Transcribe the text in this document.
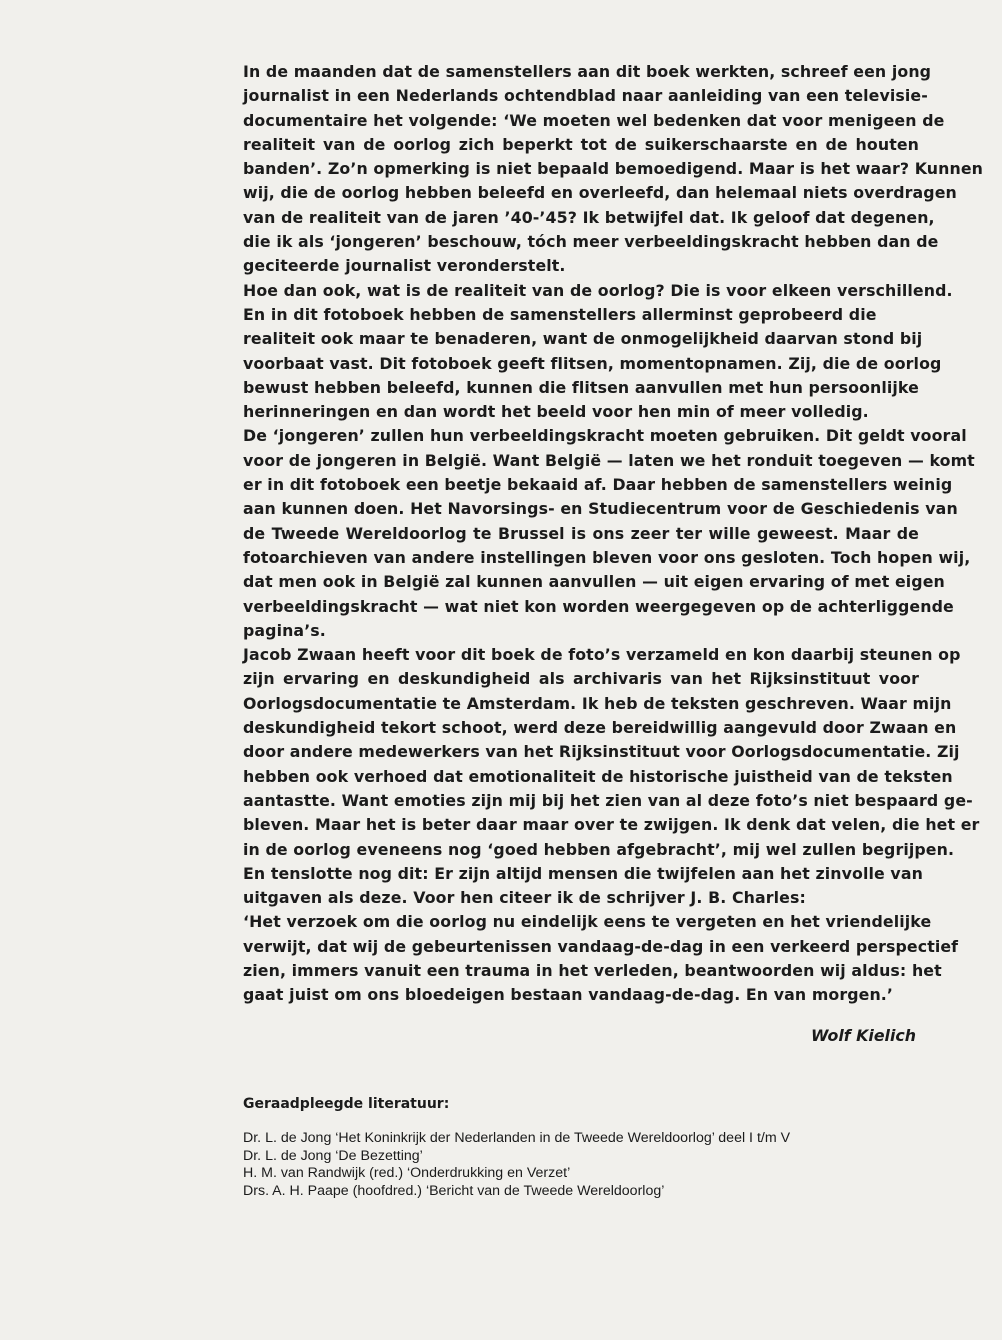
In de maanden dat de samenstellers aan dit boek werkten, schreef een jong
journalist in een Nederlands ochtendblad naar aanleiding van een televisie-
documentaire het volgende: ‘We moeten wel bedenken dat voor menigeen de
realiteit van de oorlog zich beperkt tot de suikerschaarste en de houten
banden’. Zo’n opmerking is niet bepaald bemoedigend. Maar is het waar? Kunnen
wij, die de oorlog hebben beleefd en overleefd, dan helemaal niets overdragen
van de realiteit van de jaren ’40-’45? Ik betwijfel dat. Ik geloof dat degenen,
die ik als ‘jongeren’ beschouw, tóch meer verbeeldingskracht hebben dan de
geciteerde journalist veronderstelt.
Hoe dan ook, wat is de realiteit van de oorlog? Die is voor elkeen verschillend.
En in dit fotoboek hebben de samenstellers allerminst geprobeerd die
realiteit ook maar te benaderen, want de onmogelijkheid daarvan stond bij
voorbaat vast. Dit fotoboek geeft flitsen, momentopnamen. Zij, die de oorlog
bewust hebben beleefd, kunnen die flitsen aanvullen met hun persoonlijke
herinneringen en dan wordt het beeld voor hen min of meer volledig.
De ‘jongeren’ zullen hun verbeeldingskracht moeten gebruiken. Dit geldt vooral
voor de jongeren in België. Want België — laten we het ronduit toegeven — komt
er in dit fotoboek een beetje bekaaid af. Daar hebben de samenstellers weinig
aan kunnen doen. Het Navorsings- en Studiecentrum voor de Geschiedenis van
de Tweede Wereldoorlog te Brussel is ons zeer ter wille geweest. Maar de
fotoarchieven van andere instellingen bleven voor ons gesloten. Toch hopen wij,
dat men ook in België zal kunnen aanvullen — uit eigen ervaring of met eigen
verbeeldingskracht — wat niet kon worden weergegeven op de achterliggende
pagina’s.
Jacob Zwaan heeft voor dit boek de foto’s verzameld en kon daarbij steunen op
zijn ervaring en deskundigheid als archivaris van het Rijksinstituut voor
Oorlogsdocumentatie te Amsterdam. Ik heb de teksten geschreven. Waar mijn
deskundigheid tekort schoot, werd deze bereidwillig aangevuld door Zwaan en
door andere medewerkers van het Rijksinstituut voor Oorlogsdocumentatie. Zij
hebben ook verhoed dat emotionaliteit de historische juistheid van de teksten
aantastte. Want emoties zijn mij bij het zien van al deze foto’s niet bespaard ge-
bleven. Maar het is beter daar maar over te zwijgen. Ik denk dat velen, die het er
in de oorlog eveneens nog ‘goed hebben afgebracht’, mij wel zullen begrijpen.
En tenslotte nog dit: Er zijn altijd mensen die twijfelen aan het zinvolle van
uitgaven als deze. Voor hen citeer ik de schrijver J. B. Charles:
‘Het verzoek om die oorlog nu eindelijk eens te vergeten en het vriendelijke
verwijt, dat wij de gebeurtenissen vandaag-de-dag in een verkeerd perspectief
zien, immers vanuit een trauma in het verleden, beantwoorden wij aldus: het
gaat juist om ons bloedeigen bestaan vandaag-de-dag. En van morgen.’
Wolf Kielich
Geraadpleegde literatuur:
Dr. L. de Jong ‘Het Koninkrijk der Nederlanden in de Tweede Wereldoorlog’ deel I t/m V
Dr. L. de Jong ‘De Bezetting’
H. M. van Randwijk (red.) ‘Onderdrukking en Verzet’
Drs. A. H. Paape (hoofdred.) ‘Bericht van de Tweede Wereldoorlog’
